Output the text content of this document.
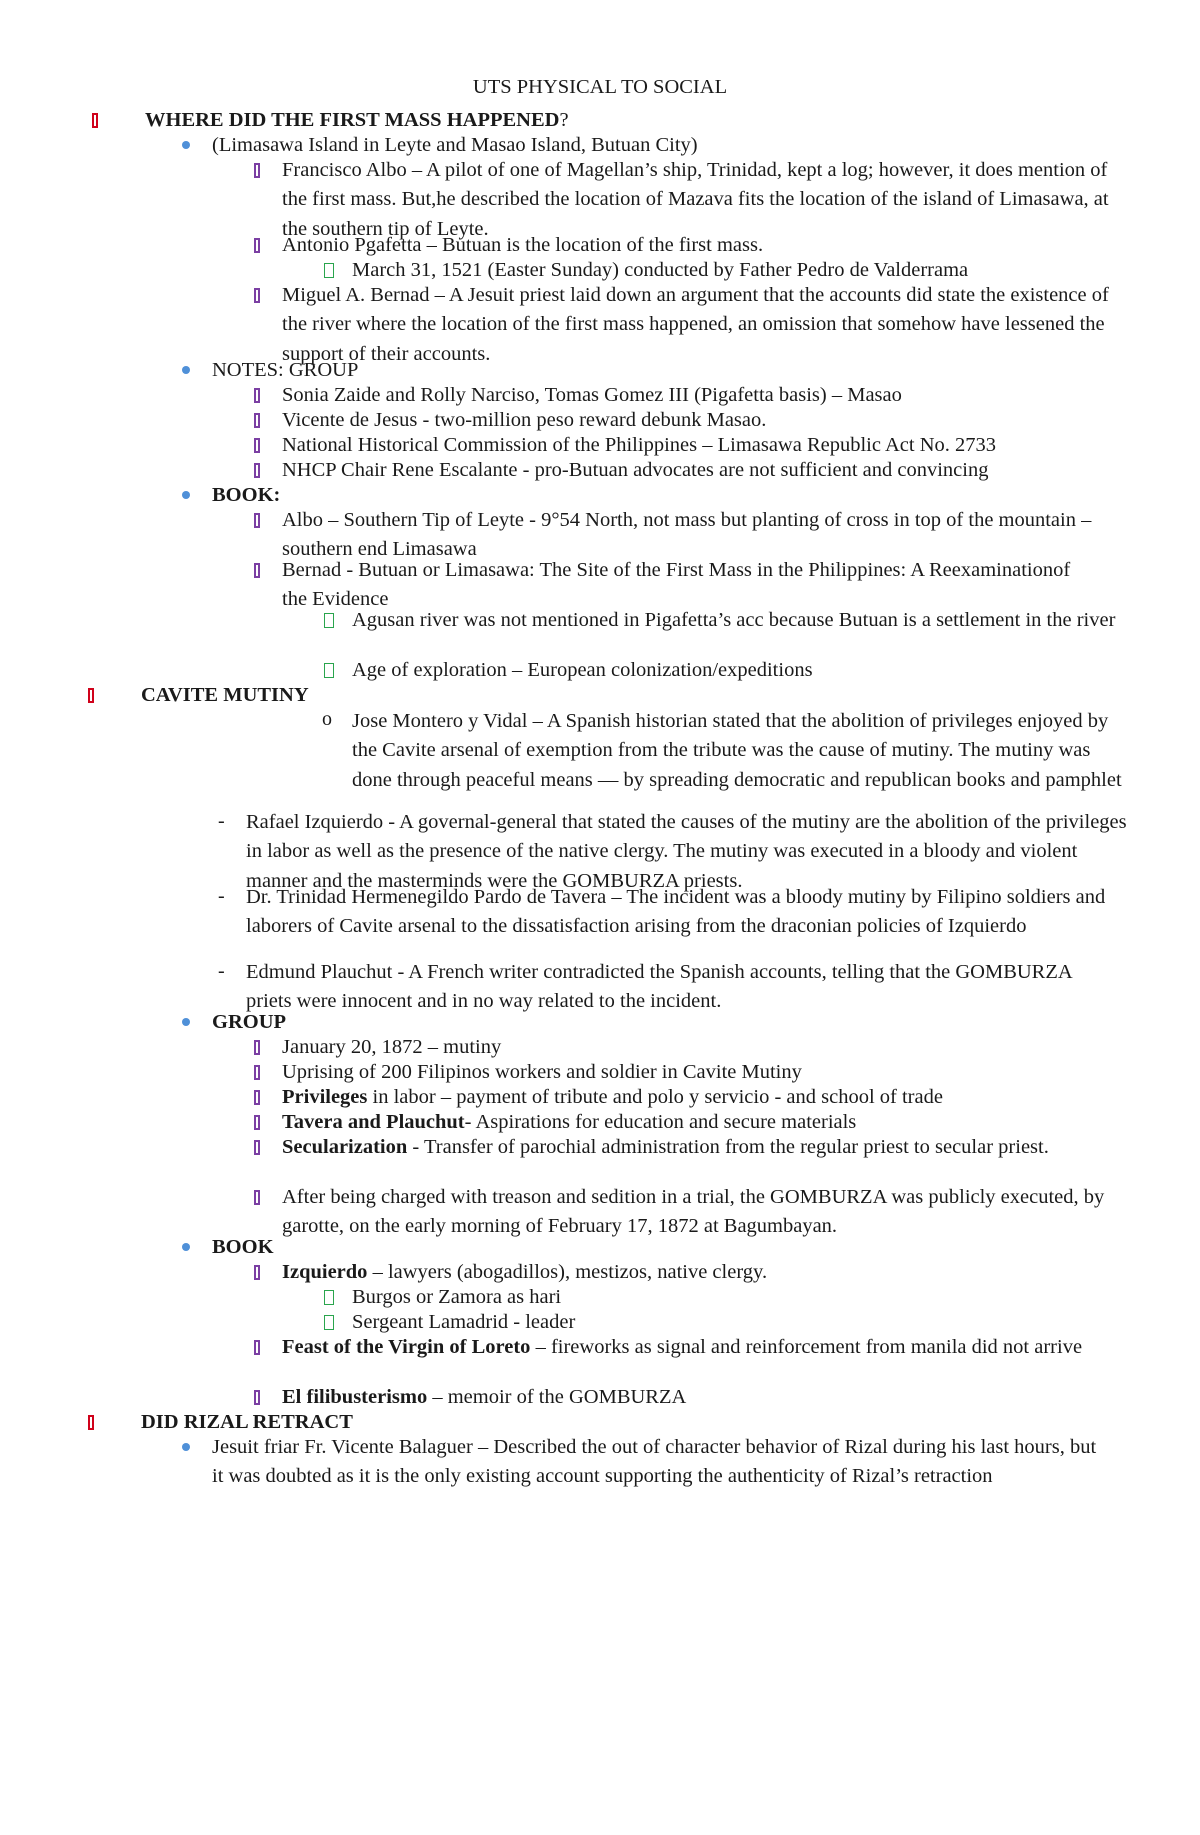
UTS PHYSICAL TO SOCIAL
WHERE DID THE FIRST MASS HAPPENED?
(Limasawa Island in Leyte and Masao Island, Butuan City)
Francisco Albo – A pilot of one of Magellan’s ship, Trinidad, kept a log; however, it does mention of the first mass. But,he described the location of Mazava fits the location of the island of Limasawa, at the southern tip of Leyte.
Antonio Pgafetta – Butuan is the location of the first mass.
March 31, 1521 (Easter Sunday) conducted by Father Pedro de Valderrama
Miguel A. Bernad – A Jesuit priest laid down an argument that the accounts did state the existence of the river where the location of the first mass happened, an omission that somehow have lessened the support of their accounts.
NOTES: GROUP
Sonia Zaide and Rolly Narciso, Tomas Gomez III (Pigafetta basis) – Masao
Vicente de Jesus - two-million peso reward debunk Masao.
National Historical Commission of the Philippines – Limasawa Republic Act No. 2733
NHCP Chair Rene Escalante - pro-Butuan advocates are not sufficient and convincing
BOOK:
Albo – Southern Tip of Leyte - 9°54 North, not mass but planting of cross in top of the mountain – southern end Limasawa
Bernad - Butuan or Limasawa: The Site of the First Mass in the Philippines: A Reexaminationof the Evidence
Agusan river was not mentioned in Pigafetta’s acc because Butuan is a settlement in the river
Age of exploration – European colonization/expeditions
CAVITE MUTINY
o Jose Montero y Vidal – A Spanish historian stated that the abolition of privileges enjoyed by the Cavite arsenal of exemption from the tribute was the cause of mutiny. The mutiny was done through peaceful means — by spreading democratic and republican books and pamphlet
- Rafael Izquierdo - A governal-general that stated the causes of the mutiny are the abolition of the privileges in labor as well as the presence of the native clergy. The mutiny was executed in a bloody and violent manner and the masterminds were the GOMBURZA priests.
- Dr. Trinidad Hermenegildo Pardo de Tavera – The incident was a bloody mutiny by Filipino soldiers and laborers of Cavite arsenal to the dissatisfaction arising from the draconian policies of Izquierdo
- Edmund Plauchut - A French writer contradicted the Spanish accounts, telling that the GOMBURZA priets were innocent and in no way related to the incident.
GROUP
January 20, 1872 – mutiny
Uprising of 200 Filipinos workers and soldier in Cavite Mutiny
Privileges in labor – payment of tribute and polo y servicio - and school of trade
Tavera and Plauchut- Aspirations for education and secure materials
Secularization - Transfer of parochial administration from the regular priest to secular priest.
After being charged with treason and sedition in a trial, the GOMBURZA was publicly executed, by garotte, on the early morning of February 17, 1872 at Bagumbayan.
BOOK
Izquierdo – lawyers (abogadillos), mestizos, native clergy.
Burgos or Zamora as hari
Sergeant Lamadrid - leader
Feast of the Virgin of Loreto – fireworks as signal and reinforcement from manila did not arrive
El filibusterismo – memoir of the GOMBURZA
DID RIZAL RETRACT
Jesuit friar Fr. Vicente Balaguer – Described the out of character behavior of Rizal during his last hours, but it was doubted as it is the only existing account supporting the authenticity of Rizal’s retraction
